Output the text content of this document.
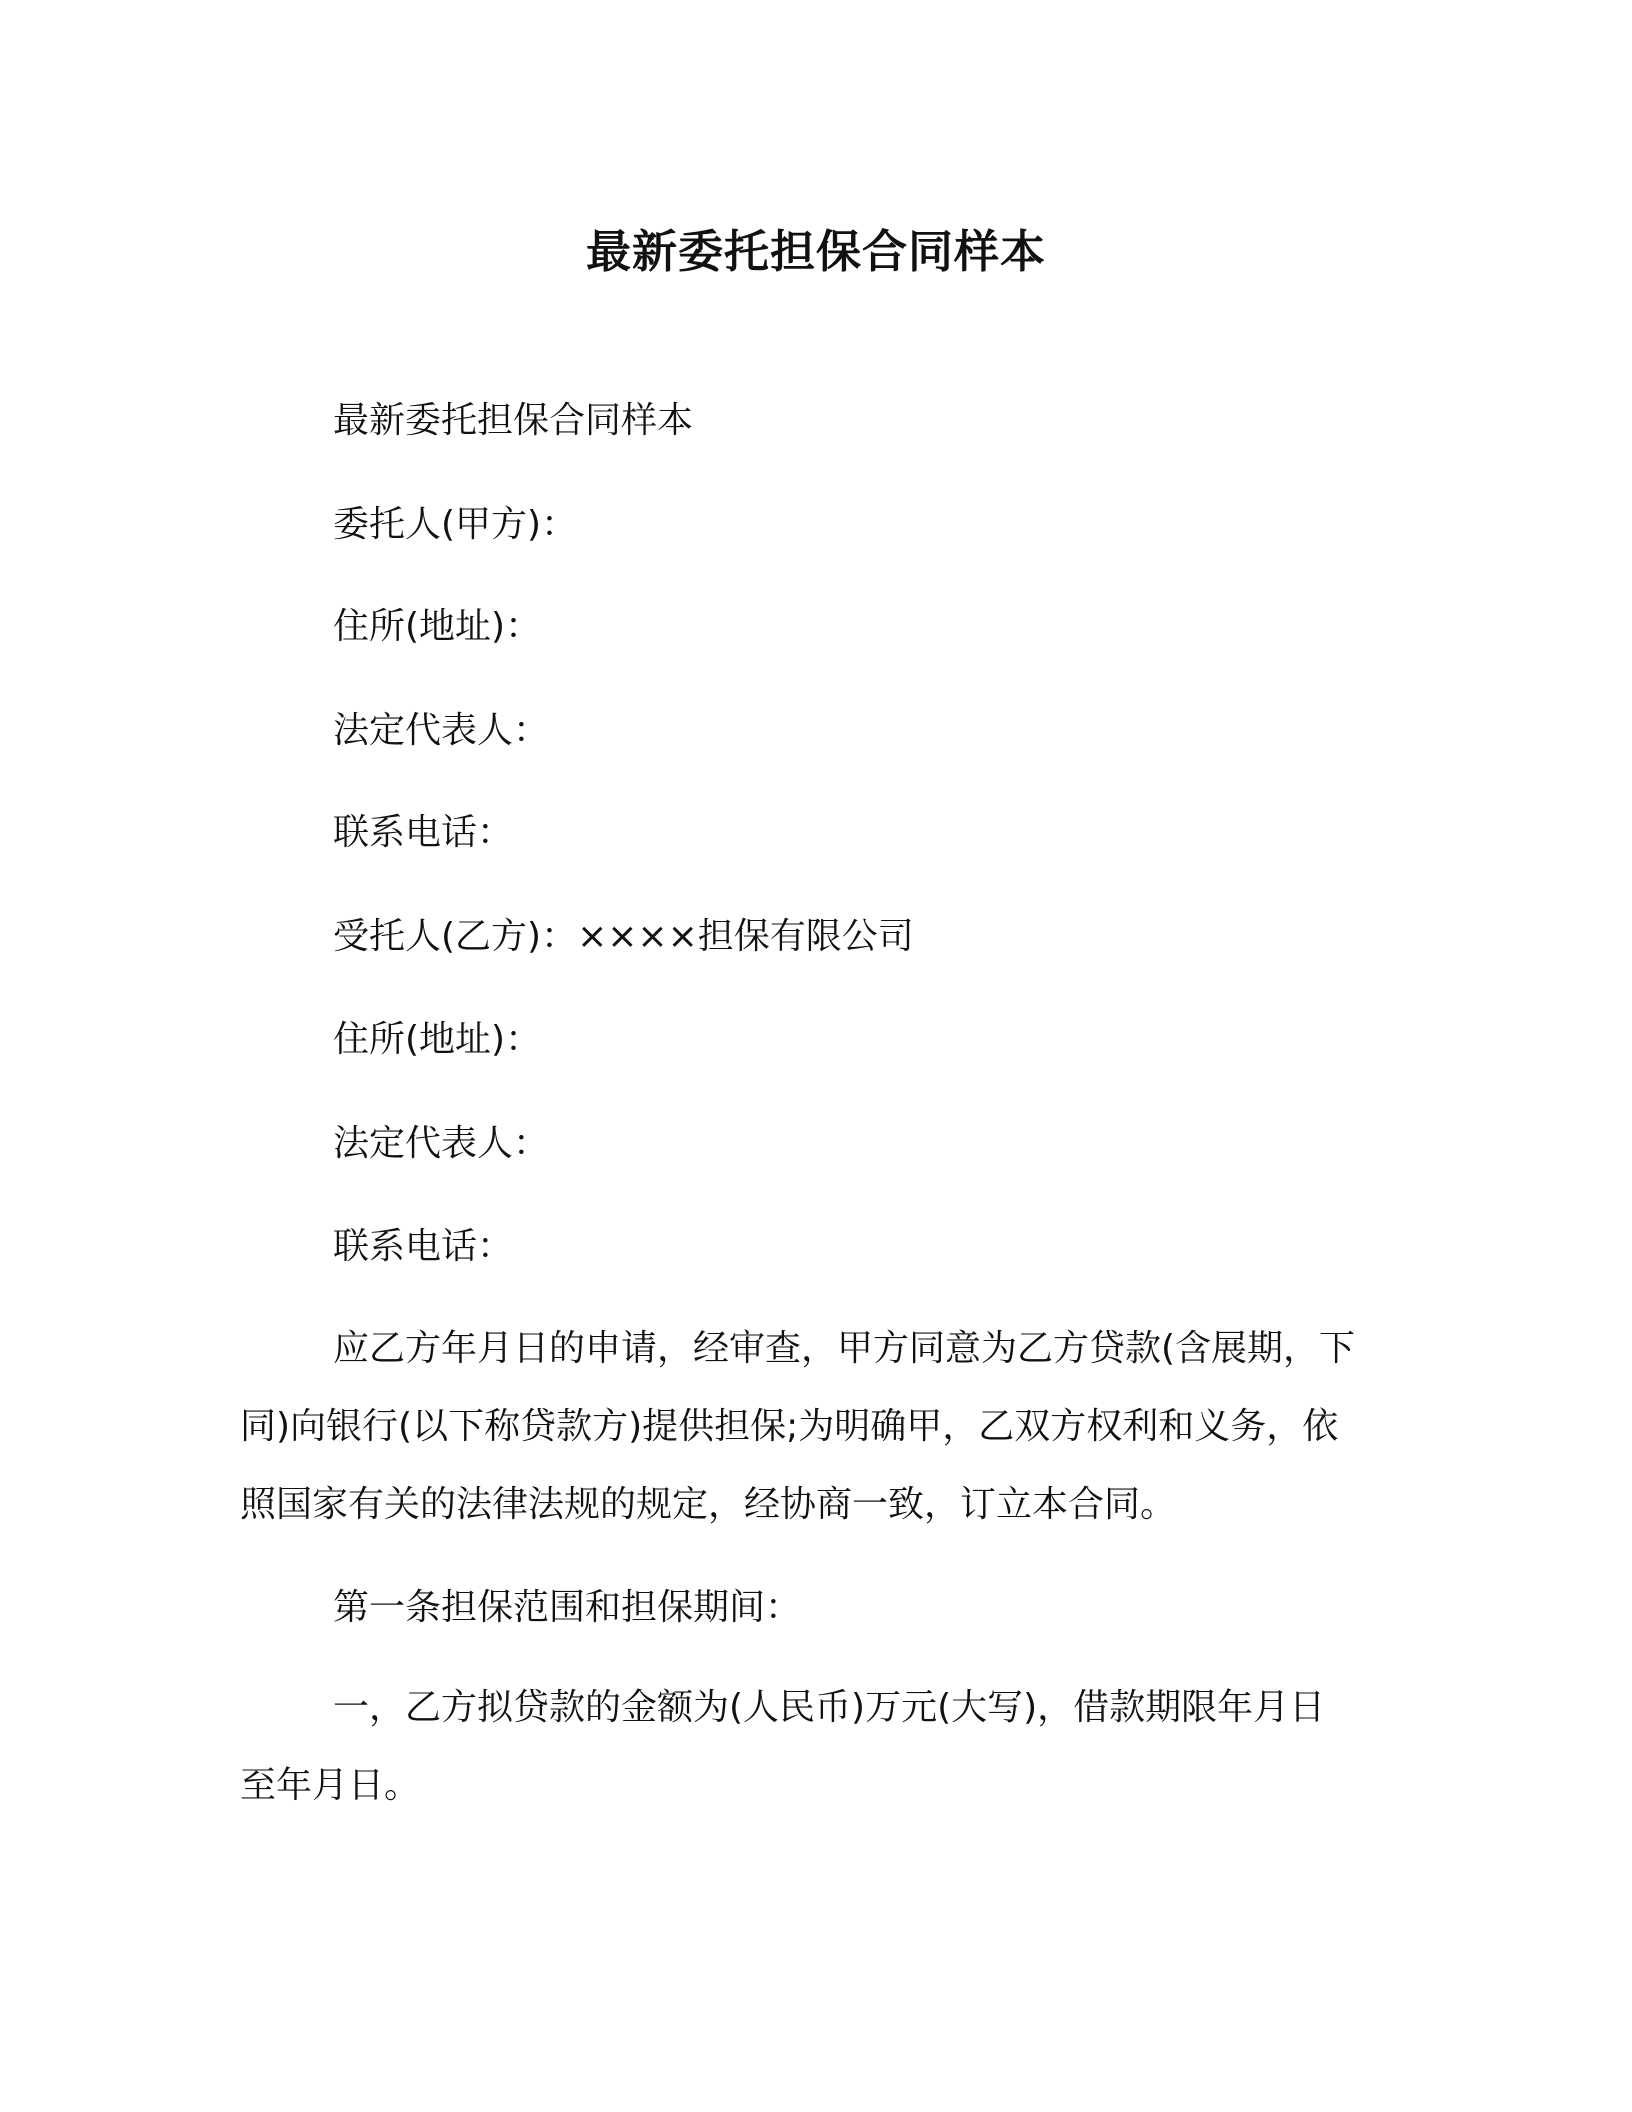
最新委托担保合同样本

最新委托担保合同样本

委托人(甲方)：

住所(地址)：

法定代表人：

联系电话：

受托人(乙方)：××××担保有限公司

住所(地址)：

法定代表人：

联系电话：

应乙方年月日的申请，经审查，甲方同意为乙方贷款(含展期，下同)向银行(以下称贷款方)提供担保;为明确甲，乙双方权利和义务，依照国家有关的法律法规的规定，经协商一致，订立本合同。

第一条担保范围和担保期间：

一，乙方拟贷款的金额为(人民币)万元(大写)，借款期限年月日至年月日。
